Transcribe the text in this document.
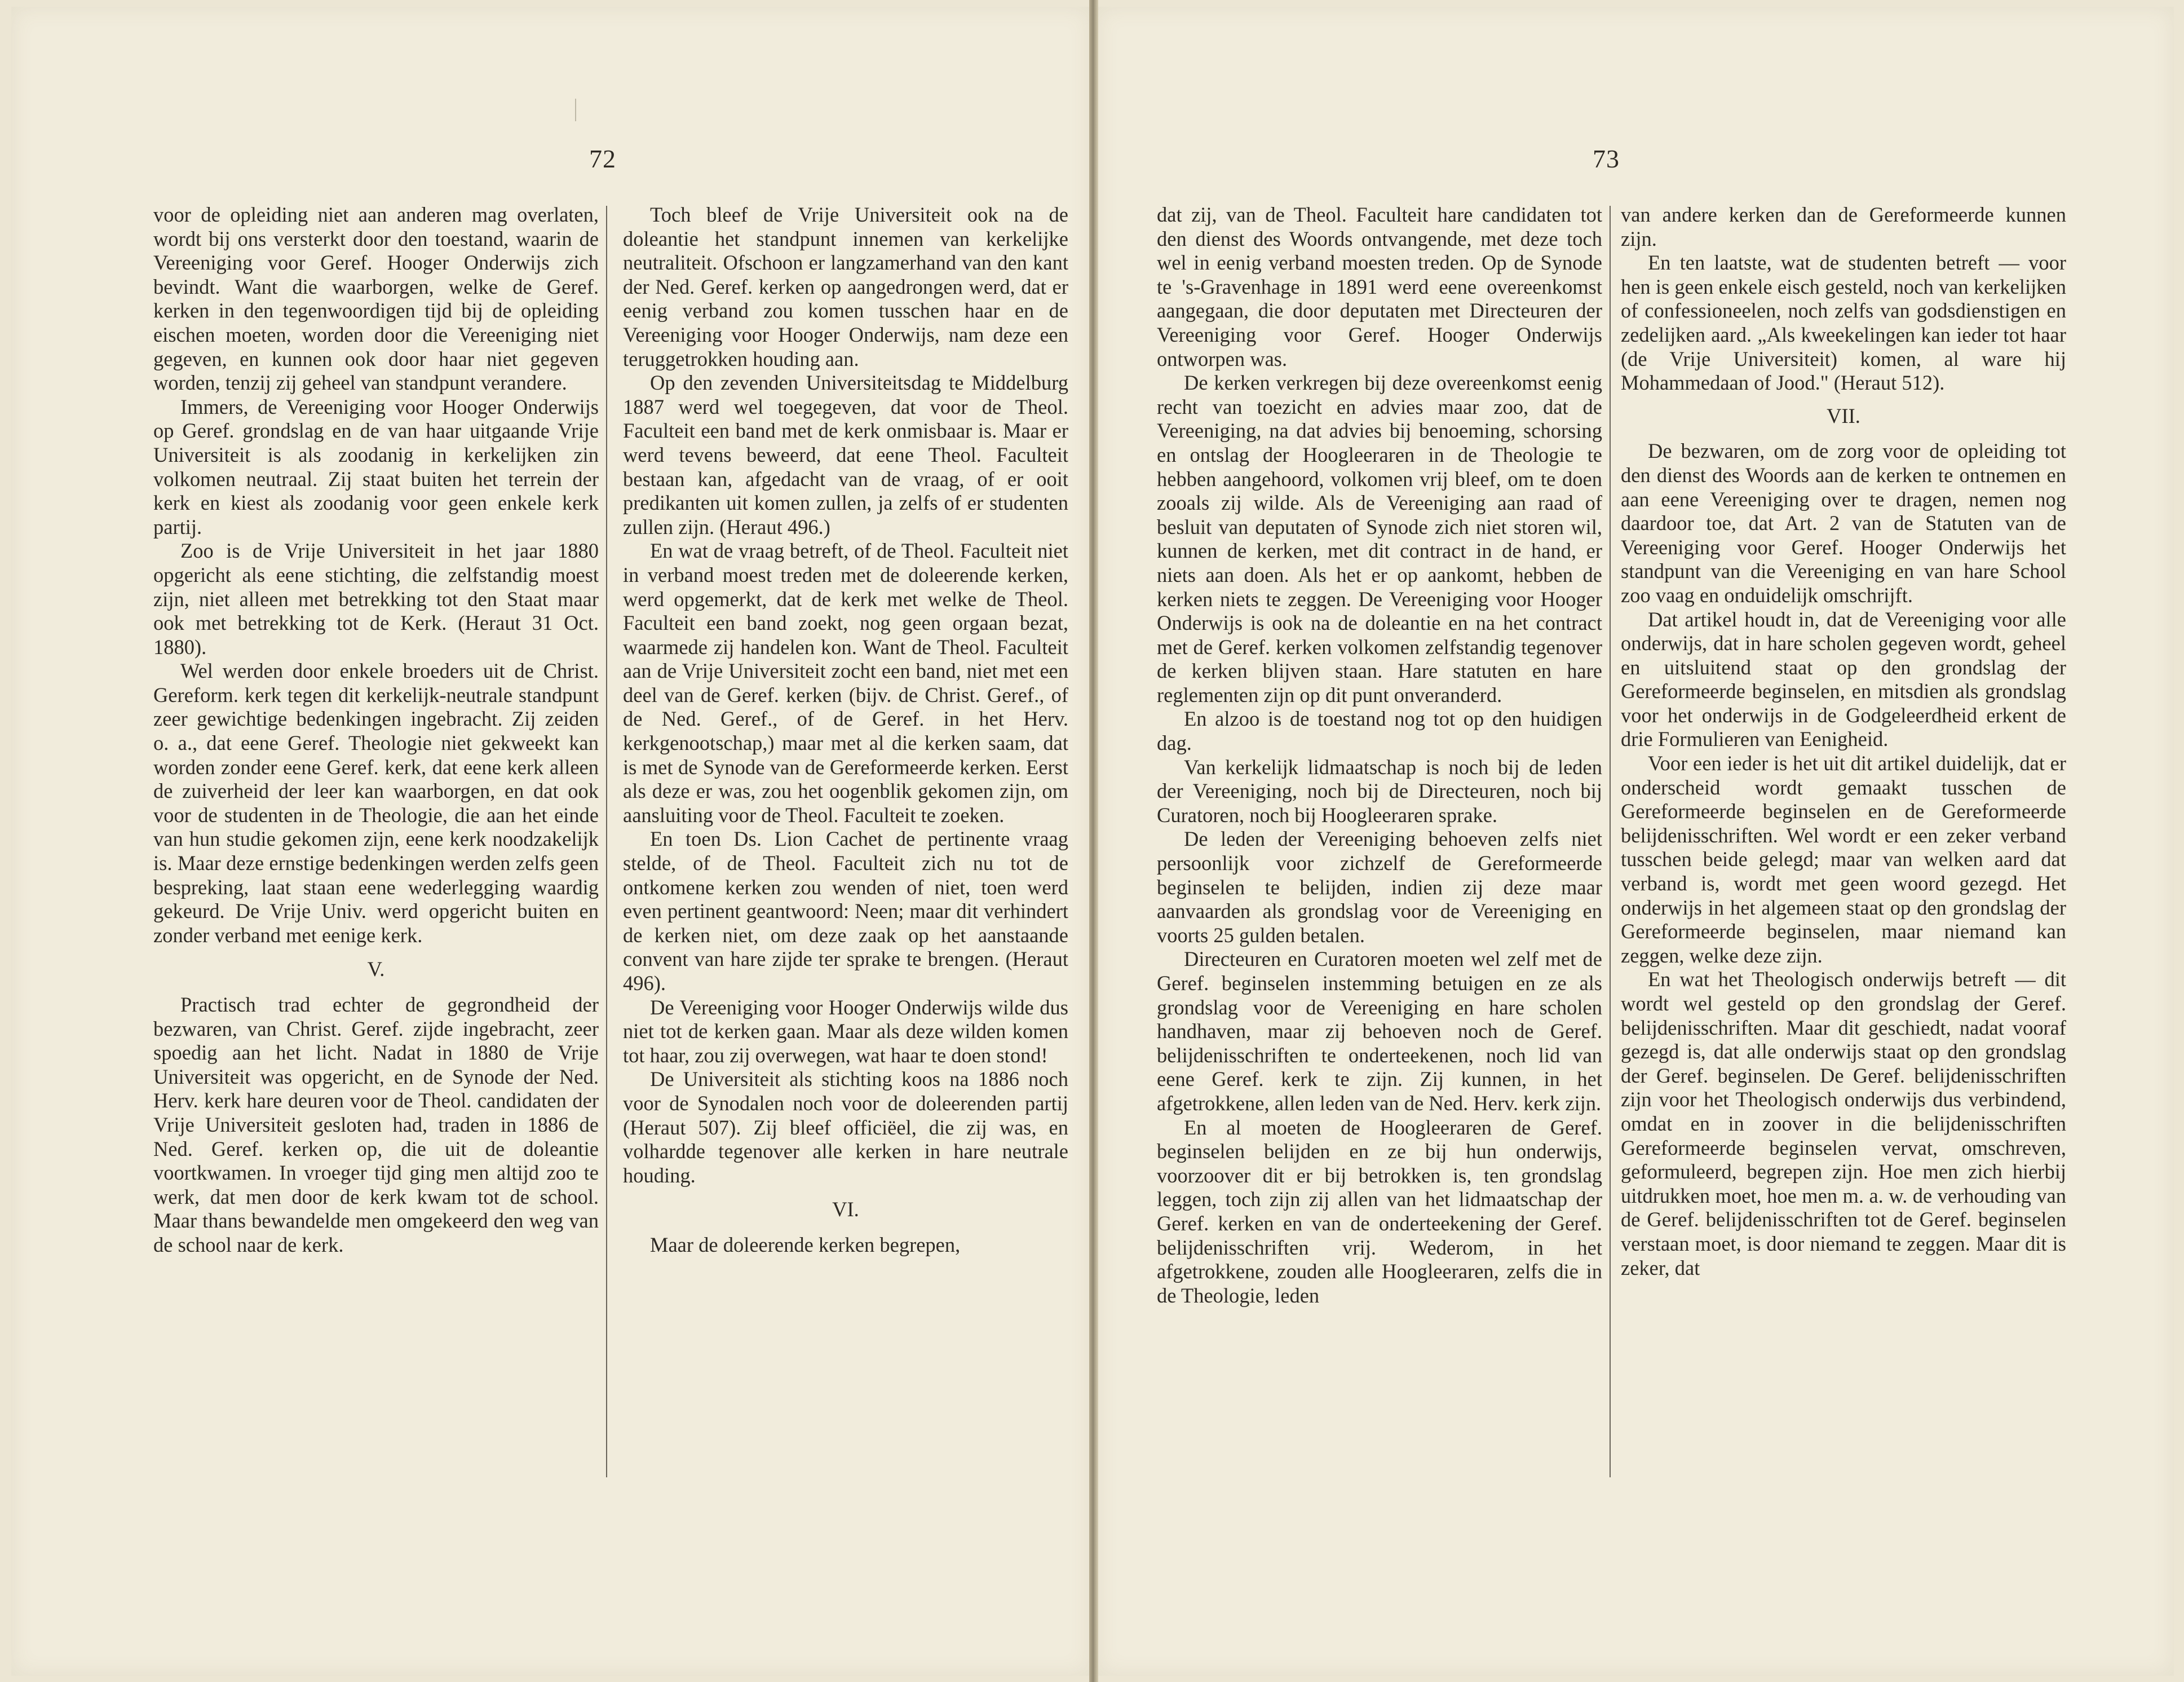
72	73

voor de opleiding niet aan anderen mag overlaten, wordt bij ons versterkt door den toestand, waarin de Vereeniging voor Geref. Hooger Onderwijs zich bevindt. Want die waarborgen, welke de Geref. kerken in den tegenwoordigen tijd bij de opleiding eischen moeten, worden door die Vereeniging niet gegeven, en kunnen ook door haar niet gegeven worden, tenzij zij geheel van standpunt verandere.

Immers, de Vereeniging voor Hooger Onderwijs op Geref. grondslag en de van haar uitgaande Vrije Universiteit is als zoodanig in kerkelijken zin volkomen neutraal. Zij staat buiten het terrein der kerk en kiest als zoodanig voor geen enkele kerk partij.

Zoo is de Vrije Universiteit in het jaar 1880 opgericht als eene stichting, die zelfstandig moest zijn, niet alleen met betrekking tot den Staat maar ook met betrekking tot de Kerk. (Heraut 31 Oct. 1880).

Wel werden door enkele broeders uit de Christ. Gereform. kerk tegen dit kerkelijk-neutrale standpunt zeer gewichtige bedenkingen ingebracht. Zij zeiden o. a., dat eene Geref. Theologie niet gekweekt kan worden zonder eene Geref. kerk, dat eene kerk alleen de zuiverheid der leer kan waarborgen, en dat ook voor de studenten in de Theologie, die aan het einde van hun studie gekomen zijn, eene kerk noodzakelijk is. Maar deze ernstige bedenkingen werden zelfs geen bespreking, laat staan eene wederlegging waardig gekeurd. De Vrije Univ. werd opgericht buiten en zonder verband met eenige kerk.

V.

Practisch trad echter de gegrondheid der bezwaren, van Christ. Geref. zijde ingebracht, zeer spoedig aan het licht. Nadat in 1880 de Vrije Universiteit was opgericht, en de Synode der Ned. Herv. kerk hare deuren voor de Theol. candidaten der Vrije Universiteit gesloten had, traden in 1886 de Ned. Geref. kerken op, die uit de doleantie voortkwamen. In vroeger tijd ging men altijd zoo te werk, dat men door de kerk kwam tot de school. Maar thans bewandelde men omgekeerd den weg van de school naar de kerk.

Toch bleef de Vrije Universiteit ook na de doleantie het standpunt innemen van kerkelijke neutraliteit. Ofschoon er langzamerhand van den kant der Ned. Geref. kerken op aangedrongen werd, dat er eenig verband zou komen tusschen haar en de Vereeniging voor Hooger Onderwijs, nam deze een teruggetrokken houding aan.

Op den zevenden Universiteitsdag te Middelburg 1887 werd wel toegegeven, dat voor de Theol. Faculteit een band met de kerk onmisbaar is. Maar er werd tevens beweerd, dat eene Theol. Faculteit bestaan kan, afgedacht van de vraag, of er ooit predikanten uit komen zullen, ja zelfs of er studenten zullen zijn. (Heraut 496.)

En wat de vraag betreft, of de Theol. Faculteit niet in verband moest treden met de doleerende kerken, werd opgemerkt, dat de kerk met welke de Theol. Faculteit een band zoekt, nog geen orgaan bezat, waarmede zij handelen kon. Want de Theol. Faculteit aan de Vrije Universiteit zocht een band, niet met een deel van de Geref. kerken (bijv. de Christ. Geref., of de Ned. Geref., of de Geref. in het Herv. kerkgenootschap,) maar met al die kerken saam, dat is met de Synode van de Gereformeerde kerken. Eerst als deze er was, zou het oogenblik gekomen zijn, om aansluiting voor de Theol. Faculteit te zoeken.

En toen Ds. Lion Cachet de pertinente vraag stelde, of de Theol. Faculteit zich nu tot de ontkomene kerken zou wenden of niet, toen werd even pertinent geantwoord: Neen; maar dit verhindert de kerken niet, om deze zaak op het aanstaande convent van hare zijde ter sprake te brengen. (Heraut 496).

De Vereeniging voor Hooger Onderwijs wilde dus niet tot de kerken gaan. Maar als deze wilden komen tot haar, zou zij overwegen, wat haar te doen stond!

De Universiteit als stichting koos na 1886 noch voor de Synodalen noch voor de doleerenden partij (Heraut 507). Zij bleef officiëel, die zij was, en volhardde tegenover alle kerken in hare neutrale houding.

VI.

Maar de doleerende kerken begrepen,

dat zij, van de Theol. Faculteit hare candidaten tot den dienst des Woords ontvangende, met deze toch wel in eenig verband moesten treden. Op de Synode te 's-Gravenhage in 1891 werd eene overeenkomst aangegaan, die door deputaten met Directeuren der Vereeniging voor Geref. Hooger Onderwijs ontworpen was.

De kerken verkregen bij deze overeenkomst eenig recht van toezicht en advies maar zoo, dat de Vereeniging, na dat advies bij benoeming, schorsing en ontslag der Hoogleeraren in de Theologie te hebben aangehoord, volkomen vrij bleef, om te doen zooals zij wilde. Als de Vereeniging aan raad of besluit van deputaten of Synode zich niet storen wil, kunnen de kerken, met dit contract in de hand, er niets aan doen. Als het er op aankomt, hebben de kerken niets te zeggen. De Vereeniging voor Hooger Onderwijs is ook na de doleantie en na het contract met de Geref. kerken volkomen zelfstandig tegenover de kerken blijven staan. Hare statuten en hare reglementen zijn op dit punt onveranderd.

En alzoo is de toestand nog tot op den huidigen dag.

Van kerkelijk lidmaatschap is noch bij de leden der Vereeniging, noch bij de Directeuren, noch bij Curatoren, noch bij Hoogleeraren sprake.

De leden der Vereeniging behoeven zelfs niet persoonlijk voor zichzelf de Gereformeerde beginselen te belijden, indien zij deze maar aanvaarden als grondslag voor de Vereeniging en voorts 25 gulden betalen.

Directeuren en Curatoren moeten wel zelf met de Geref. beginselen instemming betuigen en ze als grondslag voor de Vereeniging en hare scholen handhaven, maar zij behoeven noch de Geref. belijdenisschriften te onderteekenen, noch lid van eene Geref. kerk te zijn. Zij kunnen, in het afgetrokkene, allen leden van de Ned. Herv. kerk zijn.

En al moeten de Hoogleeraren de Geref. beginselen belijden en ze bij hun onderwijs, voorzoover dit er bij betrokken is, ten grondslag leggen, toch zijn zij allen van het lidmaatschap der Geref. kerken en van de onderteekening der Geref. belijdenisschriften vrij. Wederom, in het afgetrokkene, zouden alle Hoogleeraren, zelfs die in de Theologie, leden

van andere kerken dan de Gereformeerde kunnen zijn.

En ten laatste, wat de studenten betreft — voor hen is geen enkele eisch gesteld, noch van kerkelijken of confessioneelen, noch zelfs van godsdienstigen en zedelijken aard. „Als kweekelingen kan ieder tot haar (de Vrije Universiteit) komen, al ware hij Mohammedaan of Jood." (Heraut 512).

VII.

De bezwaren, om de zorg voor de opleiding tot den dienst des Woords aan de kerken te ontnemen en aan eene Vereeniging over te dragen, nemen nog daardoor toe, dat Art. 2 van de Statuten van de Vereeniging voor Geref. Hooger Onderwijs het standpunt van die Vereeniging en van hare School zoo vaag en onduidelijk omschrijft.

Dat artikel houdt in, dat de Vereeniging voor alle onderwijs, dat in hare scholen gegeven wordt, geheel en uitsluitend staat op den grondslag der Gereformeerde beginselen, en mitsdien als grondslag voor het onderwijs in de Godgeleerdheid erkent de drie Formulieren van Eenigheid.

Voor een ieder is het uit dit artikel duidelijk, dat er onderscheid wordt gemaakt tusschen de Gereformeerde beginselen en de Gereformeerde belijdenisschriften. Wel wordt er een zeker verband tusschen beide gelegd; maar van welken aard dat verband is, wordt met geen woord gezegd. Het onderwijs in het algemeen staat op den grondslag der Gereformeerde beginselen, maar niemand kan zeggen, welke deze zijn.

En wat het Theologisch onderwijs betreft — dit wordt wel gesteld op den grondslag der Geref. belijdenisschriften. Maar dit geschiedt, nadat vooraf gezegd is, dat alle onderwijs staat op den grondslag der Geref. beginselen. De Geref. belijdenisschriften zijn voor het Theologisch onderwijs dus verbindend, omdat en in zoover in die belijdenisschriften Gereformeerde beginselen vervat, omschreven, geformuleerd, begrepen zijn. Hoe men zich hierbij uitdrukken moet, hoe men m. a. w. de verhouding van de Geref. belijdenisschriften tot de Geref. beginselen verstaan moet, is door niemand te zeggen. Maar dit is zeker, dat
